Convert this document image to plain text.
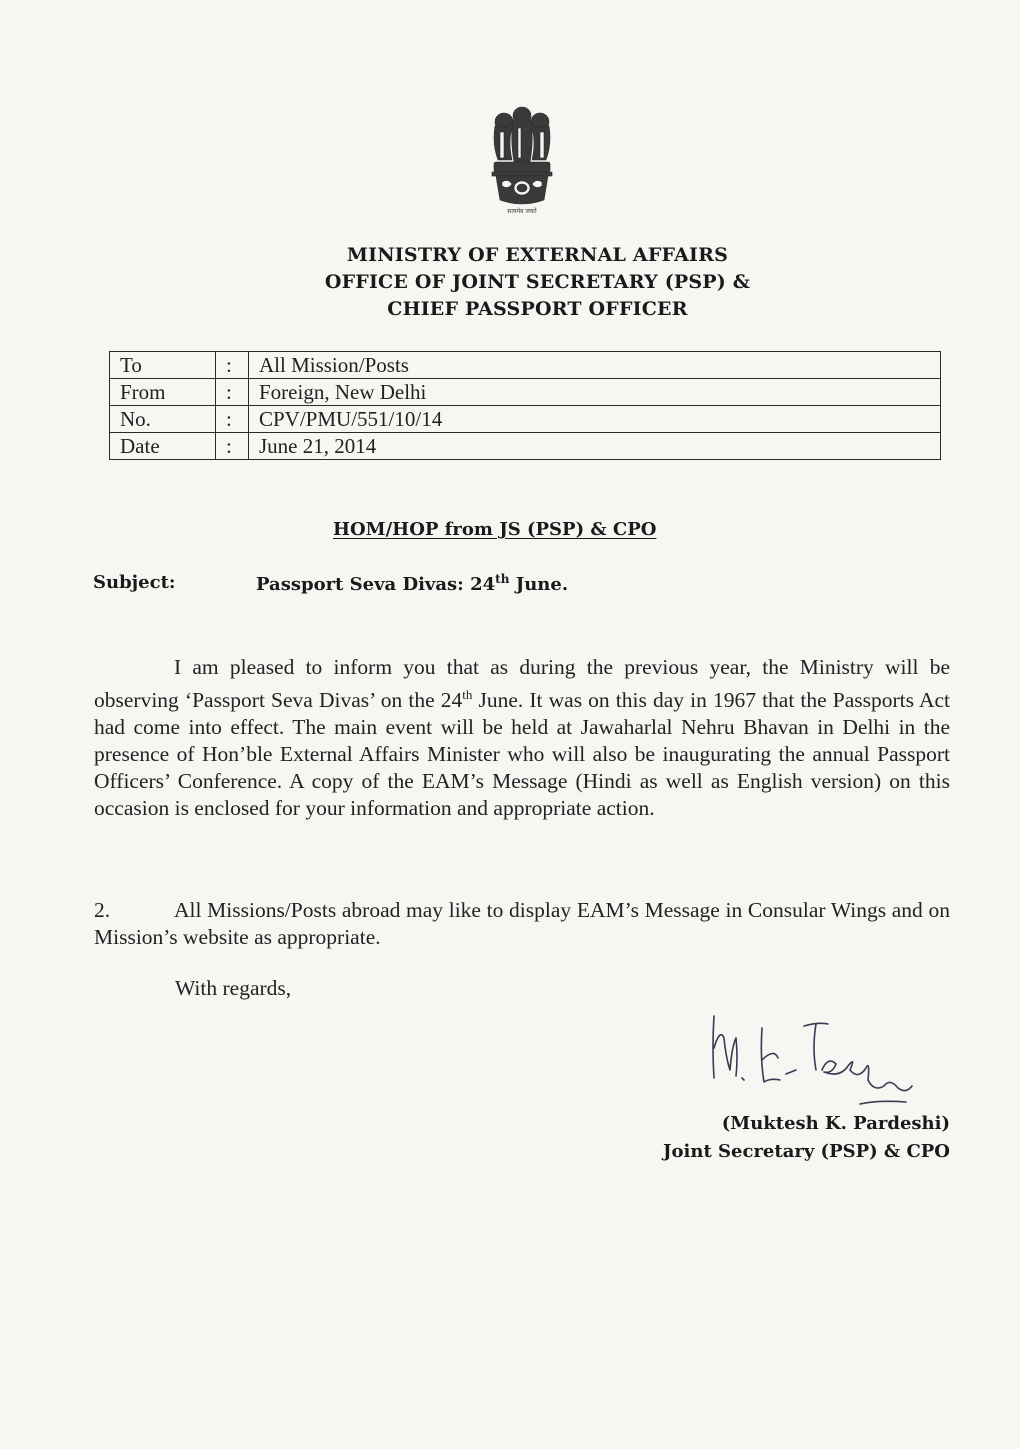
सत्यमेव जयते
MINISTRY OF EXTERNAL AFFAIRS
OFFICE OF JOINT SECRETARY (PSP) &
CHIEF PASSPORT OFFICER
To	:	All Mission/Posts
From	:	Foreign, New Delhi
No.	:	CPV/PMU/551/10/14
Date	:	June 21, 2014
HOM/HOP from JS (PSP) & CPO
Subject:	Passport Seva Divas: 24th June.
I am pleased to inform you that as during the previous year, the Ministry will be observing ‘Passport Seva Divas’ on the 24th June. It was on this day in 1967 that the Passports Act had come into effect. The main event will be held at Jawaharlal Nehru Bhavan in Delhi in the presence of Hon’ble External Affairs Minister who will also be inaugurating the annual Passport Officers’ Conference. A copy of the EAM’s Message (Hindi as well as English version) on this occasion is enclosed for your information and appropriate action.
2.	All Missions/Posts abroad may like to display EAM’s Message in Consular Wings and on Mission’s website as appropriate.
With regards,
(Muktesh K. Pardeshi)
Joint Secretary (PSP) & CPO
